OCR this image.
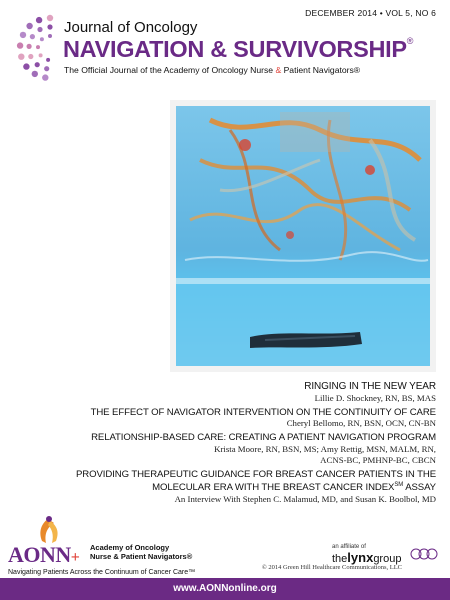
DECEMBER 2014 • VOL 5, NO 6
Journal of Oncology
NAVIGATION & SURVIVORSHIP®
The Official Journal of the Academy of Oncology Nurse & Patient Navigators®
RINGING IN THE NEW YEAR
Lillie D. Shockney, RN, BS, MAS
THE EFFECT OF NAVIGATOR INTERVENTION ON THE CONTINUITY OF CARE
Cheryl Bellomo, RN, BSN, OCN, CN-BN
RELATIONSHIP-BASED CARE: CREATING A PATIENT NAVIGATION PROGRAM
Krista Moore, RN, BSN, MS; Amy Rettig, MSN, MALM, RN,
ACNS-BC, PMHNP-BC, CBCN
PROVIDING THERAPEUTIC GUIDANCE FOR BREAST CANCER PATIENTS IN THE
MOLECULAR ERA WITH THE BREAST CANCER INDEX℠ ASSAY
An Interview With Stephen C. Malamud, MD, and Susan K. Boolbol, MD
AONN+
Academy of Oncology
Nurse & Patient Navigators®
Navigating Patients Across the Continuum of Cancer Care™
an affiliate of
thelynxgroup
© 2014 Green Hill Healthcare Communications, LLC
www.AONNonline.org
